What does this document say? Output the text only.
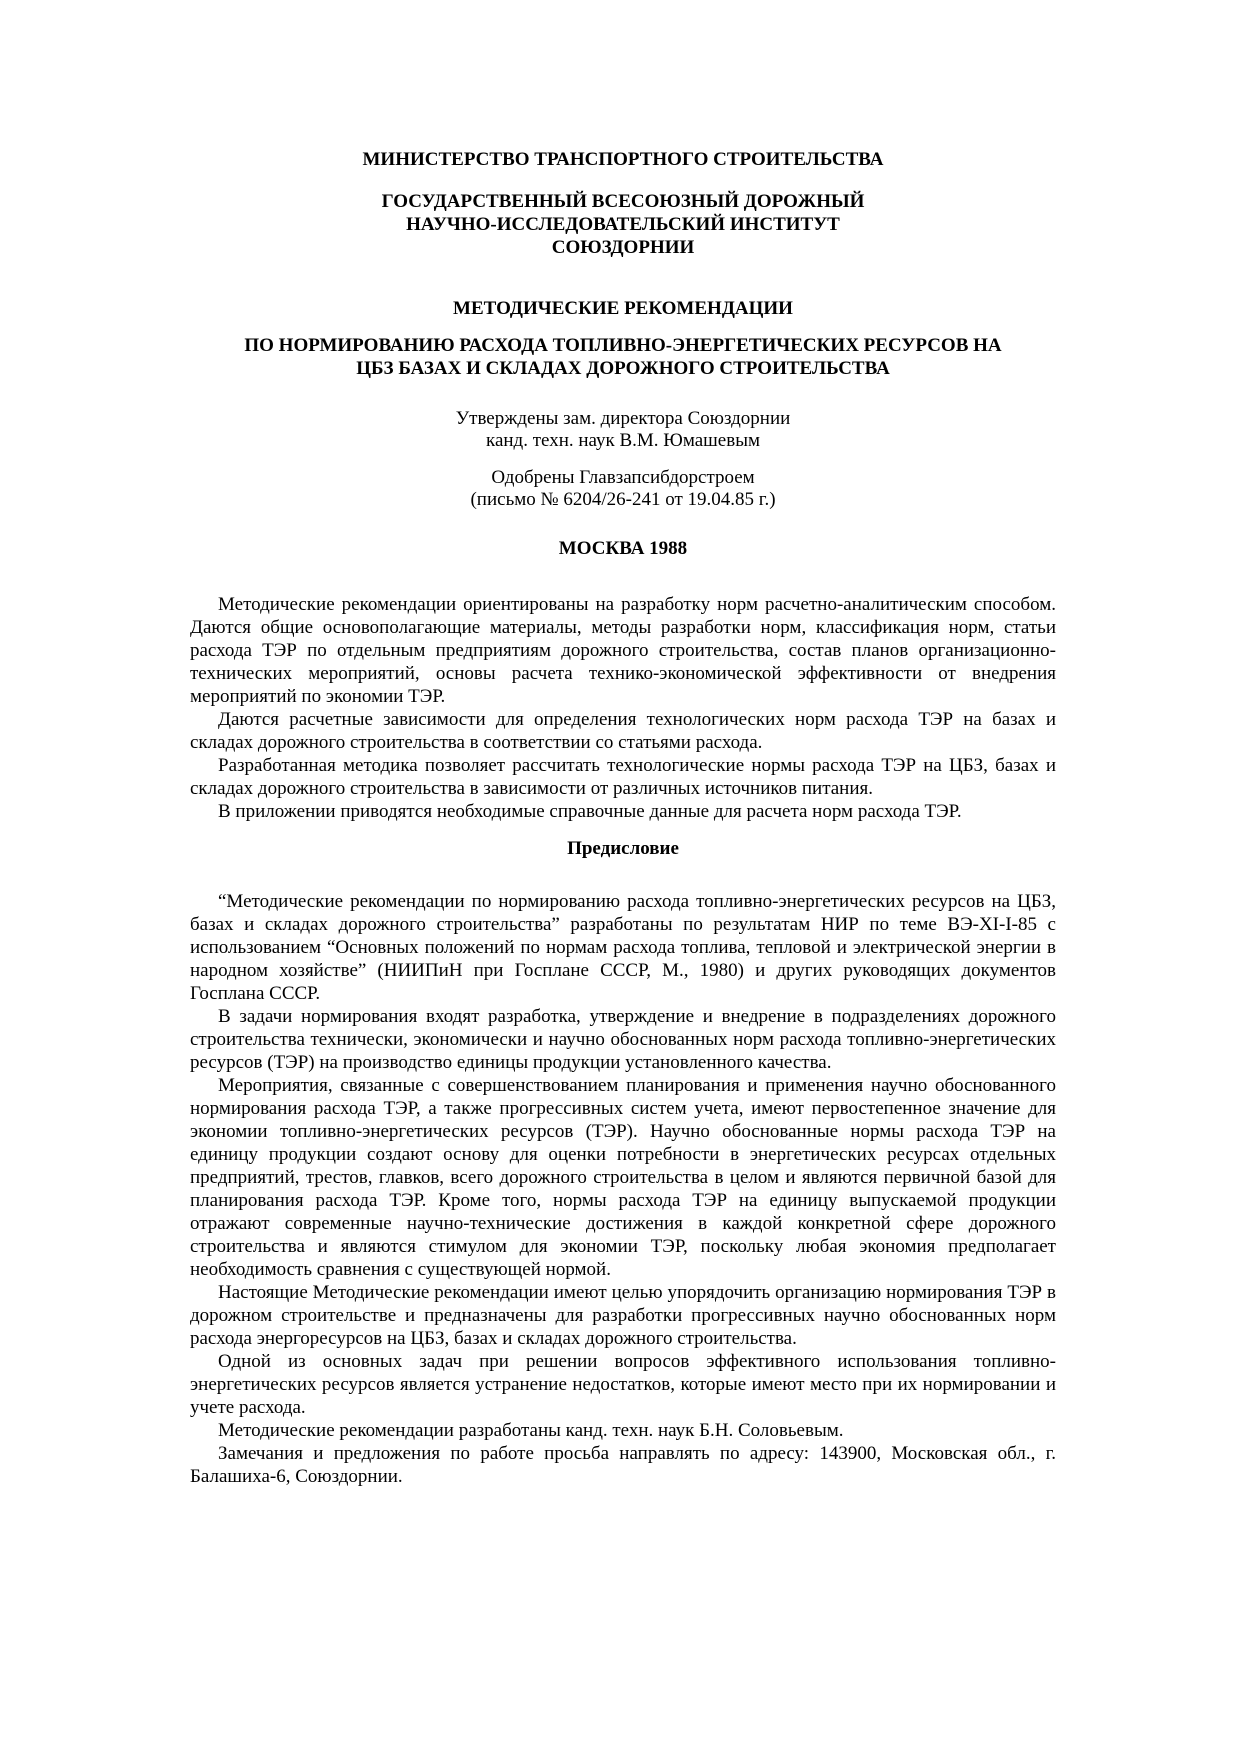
МИНИСТЕРСТВО ТРАНСПОРТНОГО СТРОИТЕЛЬСТВА
ГОСУДАРСТВЕННЫЙ ВСЕСОЮЗНЫЙ ДОРОЖНЫЙ
НАУЧНО-ИССЛЕДОВАТЕЛЬСКИЙ ИНСТИТУТ
СОЮЗДОРНИИ
МЕТОДИЧЕСКИЕ РЕКОМЕНДАЦИИ
ПО НОРМИРОВАНИЮ РАСХОДА ТОПЛИВНО-ЭНЕРГЕТИЧЕСКИХ РЕСУРСОВ НА
ЦБЗ БАЗАХ И СКЛАДАХ ДОРОЖНОГО СТРОИТЕЛЬСТВА
Утверждены зам. директора Союздорнии
канд. техн. наук В.М. Юмашевым
Одобрены Главзапсибдорстроем
(письмо № 6204/26-241 от 19.04.85 г.)
МОСКВА 1988

Методические рекомендации ориентированы на разработку норм расчетно-аналитическим способом. Даются общие основополагающие материалы, методы разработки норм, классификация норм, статьи расхода ТЭР по отдельным предприятиям дорожного строительства, состав планов организационно-технических мероприятий, основы расчета технико-экономической эффективности от внедрения мероприятий по экономии ТЭР.

Даются расчетные зависимости для определения технологических норм расхода ТЭР на базах и складах дорожного строительства в соответствии со статьями расхода.

Разработанная методика позволяет рассчитать технологические нормы расхода ТЭР на ЦБЗ, базах и складах дорожного строительства в зависимости от различных источников питания.

В приложении приводятся необходимые справочные данные для расчета норм расхода ТЭР.

Предисловие

“Методические рекомендации по нормированию расхода топливно-энергетических ресурсов на ЦБЗ, базах и складах дорожного строительства” разработаны по результатам НИР по теме ВЭ-XI-I-85 с использованием “Основных положений по нормам расхода топлива, тепловой и электрической энергии в народном хозяйстве” (НИИПиН при Госплане СССР, М., 1980) и других руководящих документов Госплана СССР.

В задачи нормирования входят разработка, утверждение и внедрение в подразделениях дорожного строительства технически, экономически и научно обоснованных норм расхода топливно-энергетических ресурсов (ТЭР) на производство единицы продукции установленного качества.

Мероприятия, связанные с совершенствованием планирования и применения научно обоснованного нормирования расхода ТЭР, а также прогрессивных систем учета, имеют первостепенное значение для экономии топливно-энергетических ресурсов (ТЭР). Научно обоснованные нормы расхода ТЭР на единицу продукции создают основу для оценки потребности в энергетических ресурсах отдельных предприятий, трестов, главков, всего дорожного строительства в целом и являются первичной базой для планирования расхода ТЭР. Кроме того, нормы расхода ТЭР на единицу выпускаемой продукции отражают современные научно-технические достижения в каждой конкретной сфере дорожного строительства и являются стимулом для экономии ТЭР, поскольку любая экономия предполагает необходимость сравнения с существующей нормой.

Настоящие Методические рекомендации имеют целью упорядочить организацию нормирования ТЭР в дорожном строительстве и предназначены для разработки прогрессивных научно обоснованных норм расхода энергоресурсов на ЦБЗ, базах и складах дорожного строительства.

Одной из основных задач при решении вопросов эффективного использования топливно-энергетических ресурсов является устранение недостатков, которые имеют место при их нормировании и учете расхода.

Методические рекомендации разработаны канд. техн. наук Б.Н. Соловьевым.

Замечания и предложения по работе просьба направлять по адресу: 143900, Московская обл., г. Балашиха-6, Союздорнии.
